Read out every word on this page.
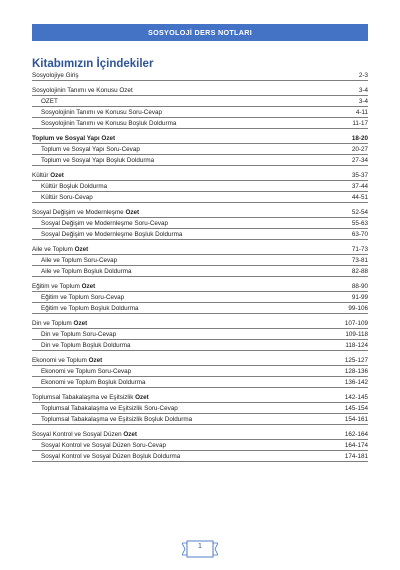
SOSYOLOJİ DERS NOTLARI
Kitabımızın İçindekiler
Sosyolojiye Giriş	2-3
Sosyolojinin Tanımı ve Konusu Özet	3-4
ÖZET	3-4
Sosyolojinin Tanımı ve Konusu Soru-Cevap	4-11
Sosyolojinin Tanımı ve Konusu Boşluk Doldurma	11-17
Toplum ve Sosyal Yapı Özet	18-20
Toplum ve Sosyal Yapı Soru-Cevap	20-27
Toplum ve Sosyal Yapı Boşluk Doldurma	27-34
Kültür Özet	35-37
Kültür Boşluk Doldurma	37-44
Kültür Soru-Cevap	44-51
Sosyal Değişim ve Modernleşme Özet	52-54
Sosyal Değişim ve Modernleşme Soru-Cevap	55-63
Sosyal Değişim ve Modernleşme Boşluk Doldurma	63-70
Aile ve Toplum Özet	71-73
Aile ve Toplum Soru-Cevap	73-81
Aile ve Toplum Boşluk Doldurma	82-88
Eğitim ve Toplum Özet	88-90
Eğitim ve Toplum Soru-Cevap	91-99
Eğitim ve Toplum Boşluk Doldurma	99-106
Din ve Toplum Özet	107-109
Din ve Toplum Soru-Cevap	109-118
Din ve Toplum Boşluk Doldurma	118-124
Ekonomi ve Toplum Özet	125-127
Ekonomi ve Toplum Soru-Cevap	128-136
Ekonomi ve Toplum Boşluk Doldurma	136-142
Toplumsal Tabakalaşma ve Eşitsizlik Özet	142-145
Toplumsal Tabakalaşma ve Eşitsizlik Soru-Cevap	145-154
Toplumsal Tabakalaşma ve Eşitsizlik Boşluk Doldurma	154-161
Sosyal Kontrol ve Sosyal Düzen Özet	162-164
Sosyal Kontrol ve Sosyal Düzen Soru-Cevap	164-174
Sosyal Kontrol ve Sosyal Düzen Boşluk Doldurma	174-181
1
